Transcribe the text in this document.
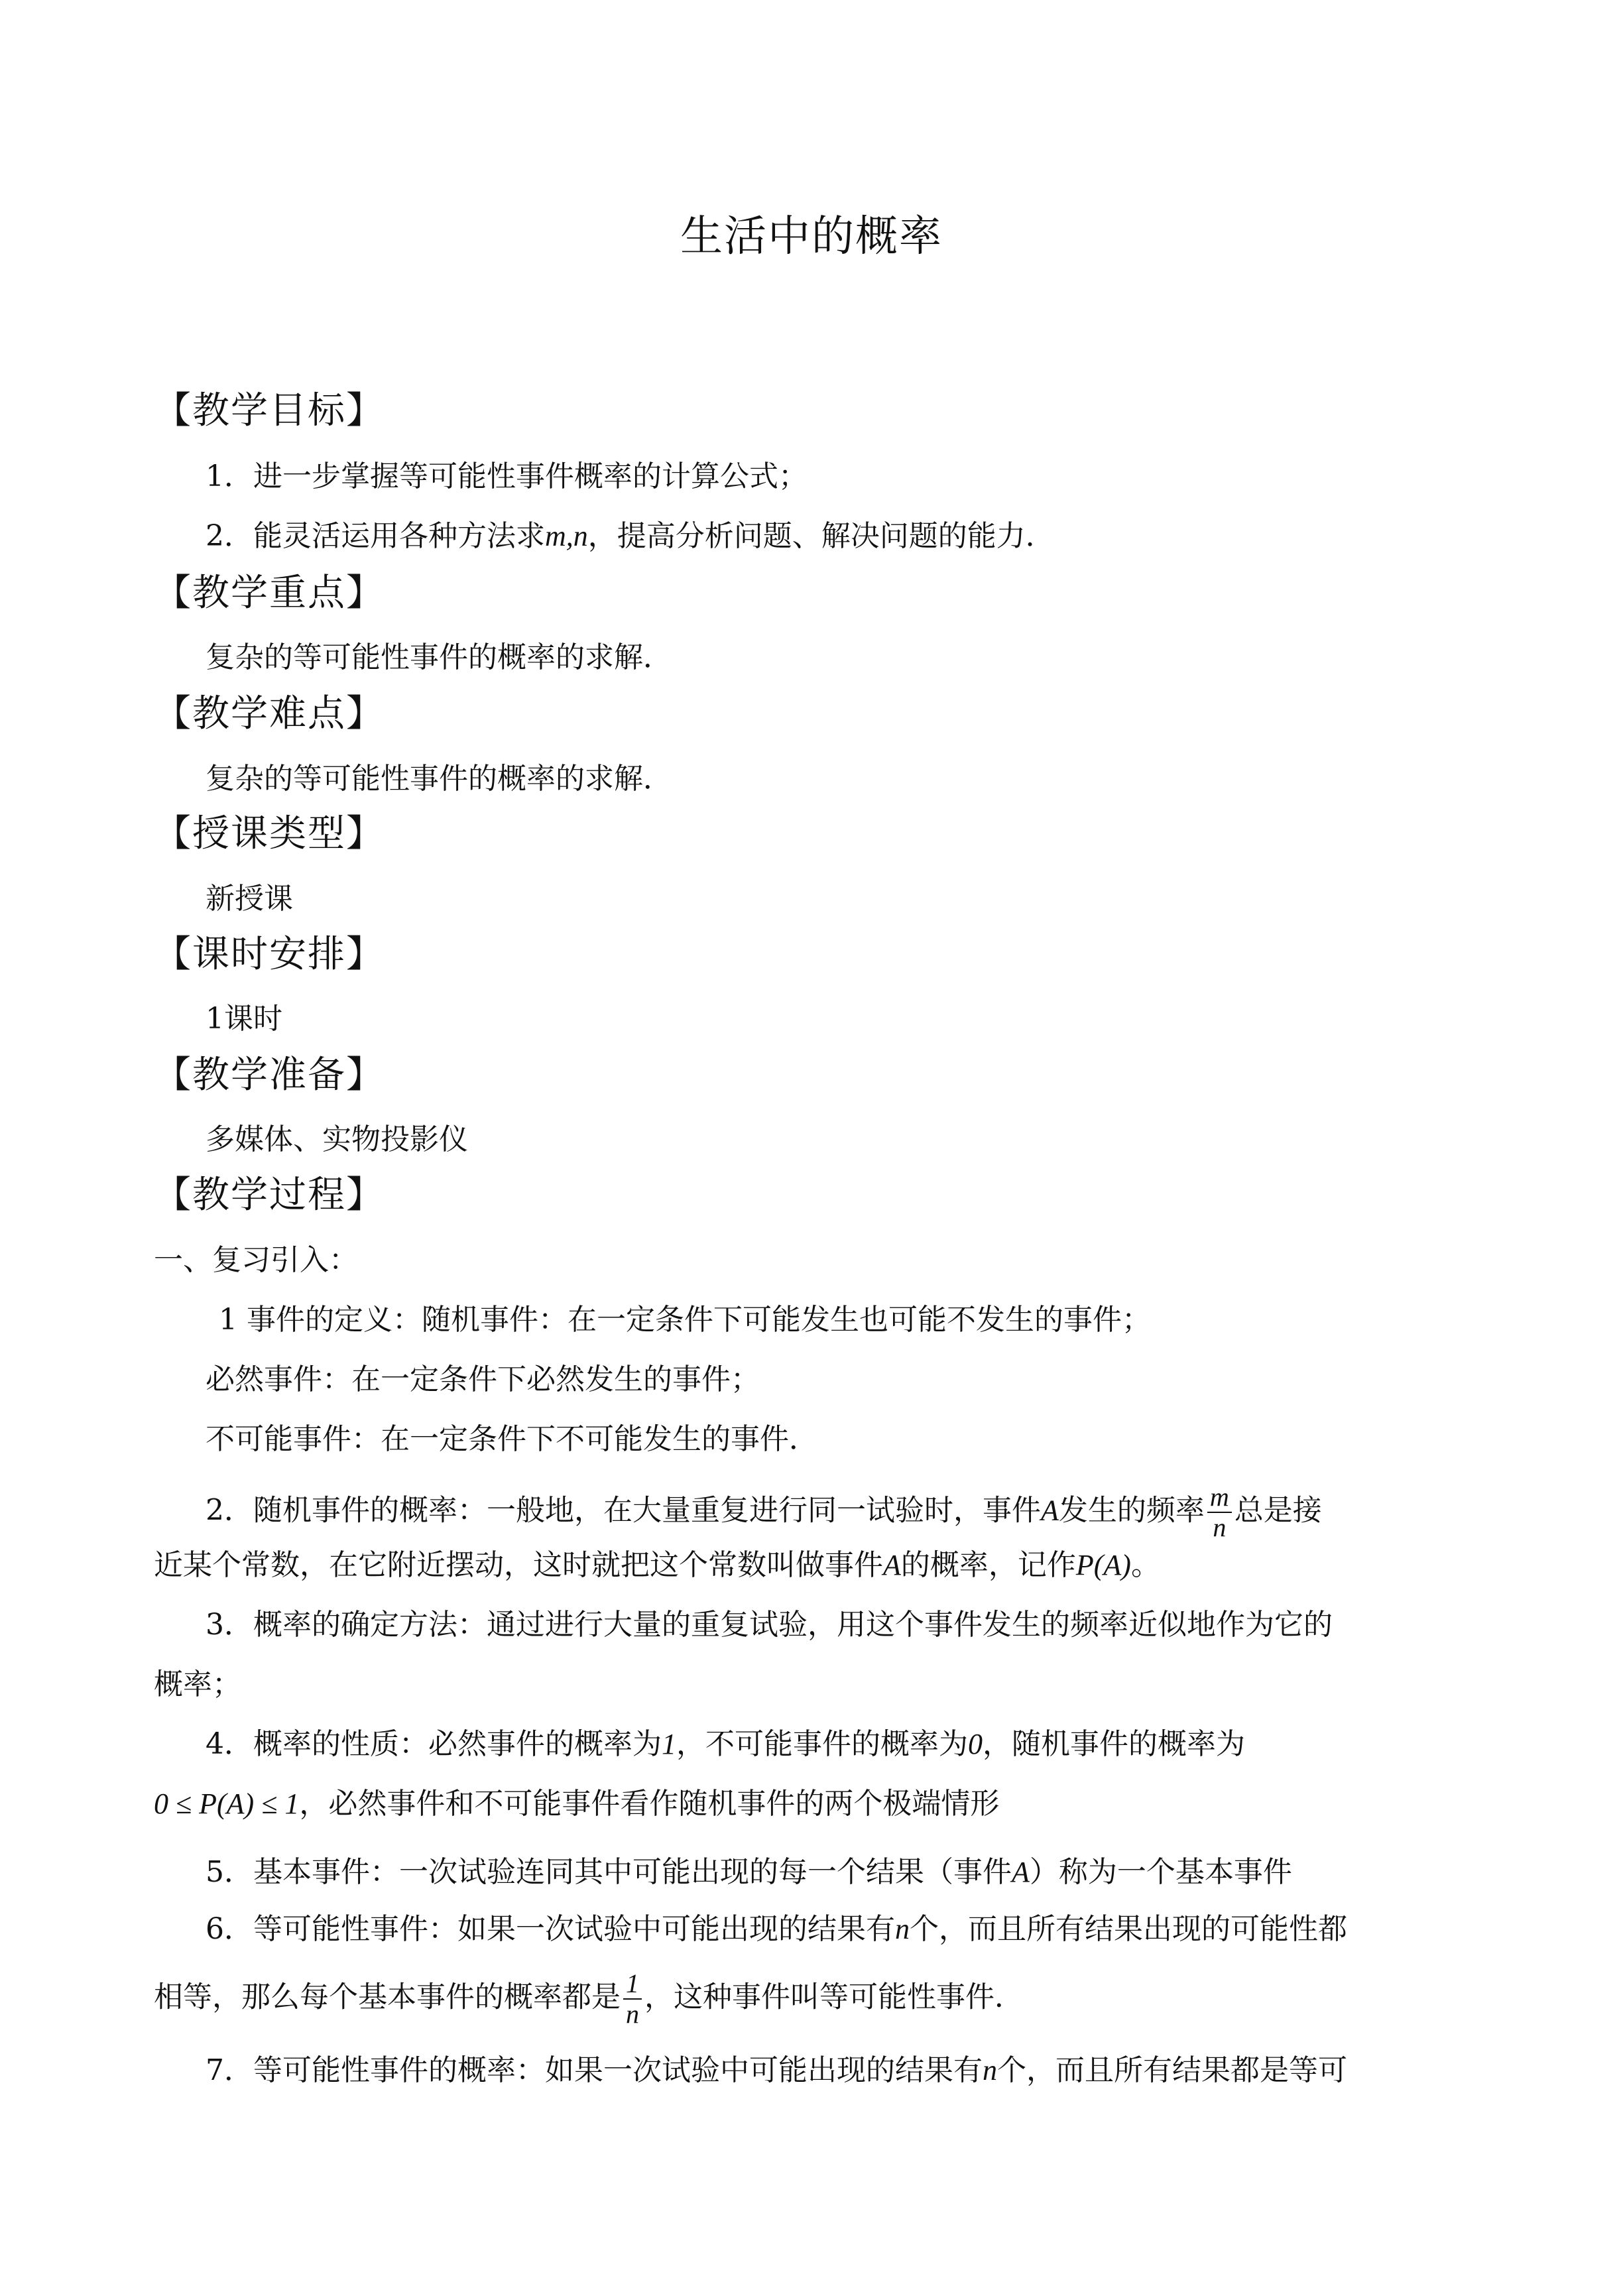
生活中的概率
【教学目标】
1．进一步掌握等可能性事件概率的计算公式；
2．能灵活运用各种方法求m,n，提高分析问题、解决问题的能力．
【教学重点】
复杂的等可能性事件的概率的求解．
【教学难点】
复杂的等可能性事件的概率的求解．
【授课类型】
新授课
【课时安排】
1课时
【教学准备】
多媒体、实物投影仪
【教学过程】
一、复习引入：
1 事件的定义：随机事件：在一定条件下可能发生也可能不发生的事件；
必然事件：在一定条件下必然发生的事件；
不可能事件：在一定条件下不可能发生的事件．
2．随机事件的概率：一般地，在大量重复进行同一试验时，事件A发生的频率 $\frac{m}{n}$ 总是接
近某个常数，在它附近摆动，这时就把这个常数叫做事件A的概率，记作P(A)。
3．概率的确定方法：通过进行大量的重复试验，用这个事件发生的频率近似地作为它的
概率；
4．概率的性质：必然事件的概率为1，不可能事件的概率为0，随机事件的概率为
0 ≤ P(A) ≤ 1，必然事件和不可能事件看作随机事件的两个极端情形
5．基本事件：一次试验连同其中可能出现的每一个结果（事件A）称为一个基本事件
6．等可能性事件：如果一次试验中可能出现的结果有n个，而且所有结果出现的可能性都
相等，那么每个基本事件的概率都是 $\frac{1}{n}$ ，这种事件叫等可能性事件．
7．等可能性事件的概率：如果一次试验中可能出现的结果有n个，而且所有结果都是等可
